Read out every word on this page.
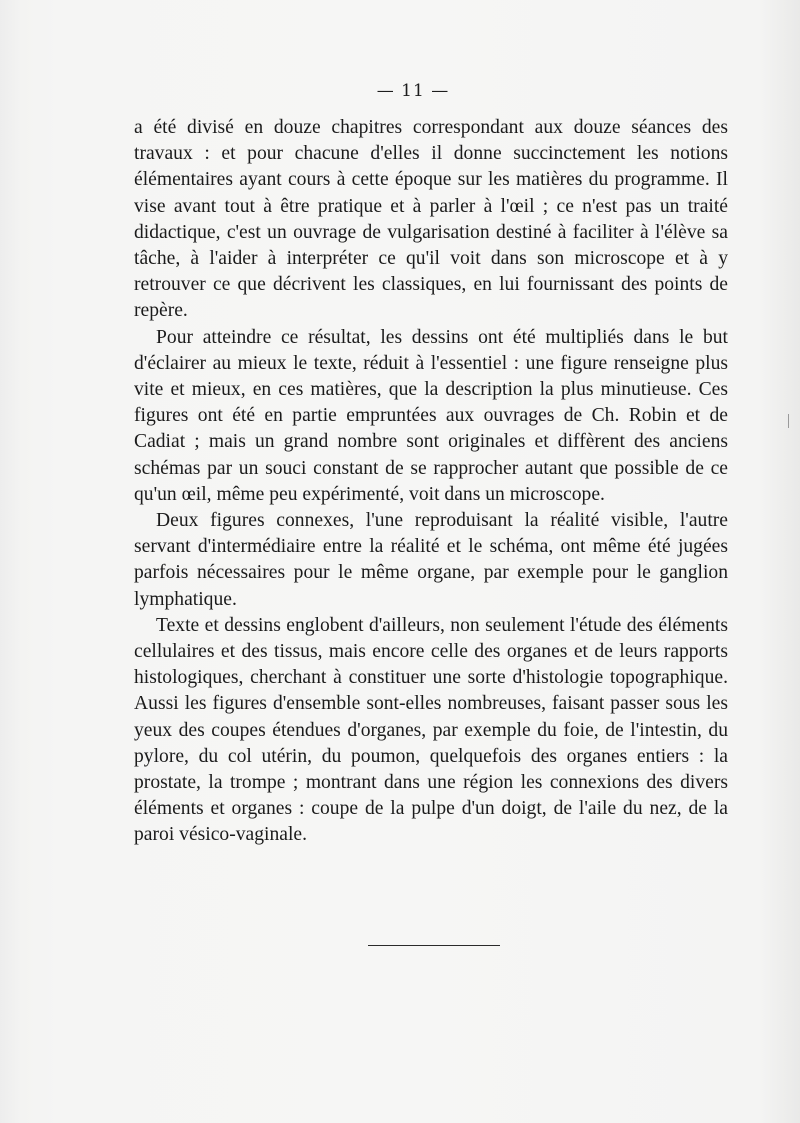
— 11 —

a été divisé en douze chapitres correspondant aux douze séances des travaux : et pour chacune d'elles il donne succinctement les notions élémentaires ayant cours à cette époque sur les matières du programme. Il vise avant tout à être pratique et à parler à l'œil ; ce n'est pas un traité didactique, c'est un ouvrage de vulgarisation destiné à faciliter à l'élève sa tâche, à l'aider à interpréter ce qu'il voit dans son microscope et à y retrouver ce que décrivent les classiques, en lui fournissant des points de repère.

Pour atteindre ce résultat, les dessins ont été multipliés dans le but d'éclairer au mieux le texte, réduit à l'essentiel : une figure renseigne plus vite et mieux, en ces matières, que la description la plus minutieuse. Ces figures ont été en partie empruntées aux ouvrages de Ch. Robin et de Cadiat ; mais un grand nombre sont originales et diffèrent des anciens schémas par un souci constant de se rapprocher autant que possible de ce qu'un œil, même peu expérimenté, voit dans un microscope.

Deux figures connexes, l'une reproduisant la réalité visible, l'autre servant d'intermédiaire entre la réalité et le schéma, ont même été jugées parfois nécessaires pour le même organe, par exemple pour le ganglion lymphatique.

Texte et dessins englobent d'ailleurs, non seulement l'étude des éléments cellulaires et des tissus, mais encore celle des organes et de leurs rapports histologiques, cherchant à constituer une sorte d'histologie topographique. Aussi les figures d'ensemble sont-elles nombreuses, faisant passer sous les yeux des coupes étendues d'organes, par exemple du foie, de l'intestin, du pylore, du col utérin, du poumon, quelquefois des organes entiers : la prostate, la trompe ; montrant dans une région les connexions des divers éléments et organes : coupe de la pulpe d'un doigt, de l'aile du nez, de la paroi vésico-vaginale.
